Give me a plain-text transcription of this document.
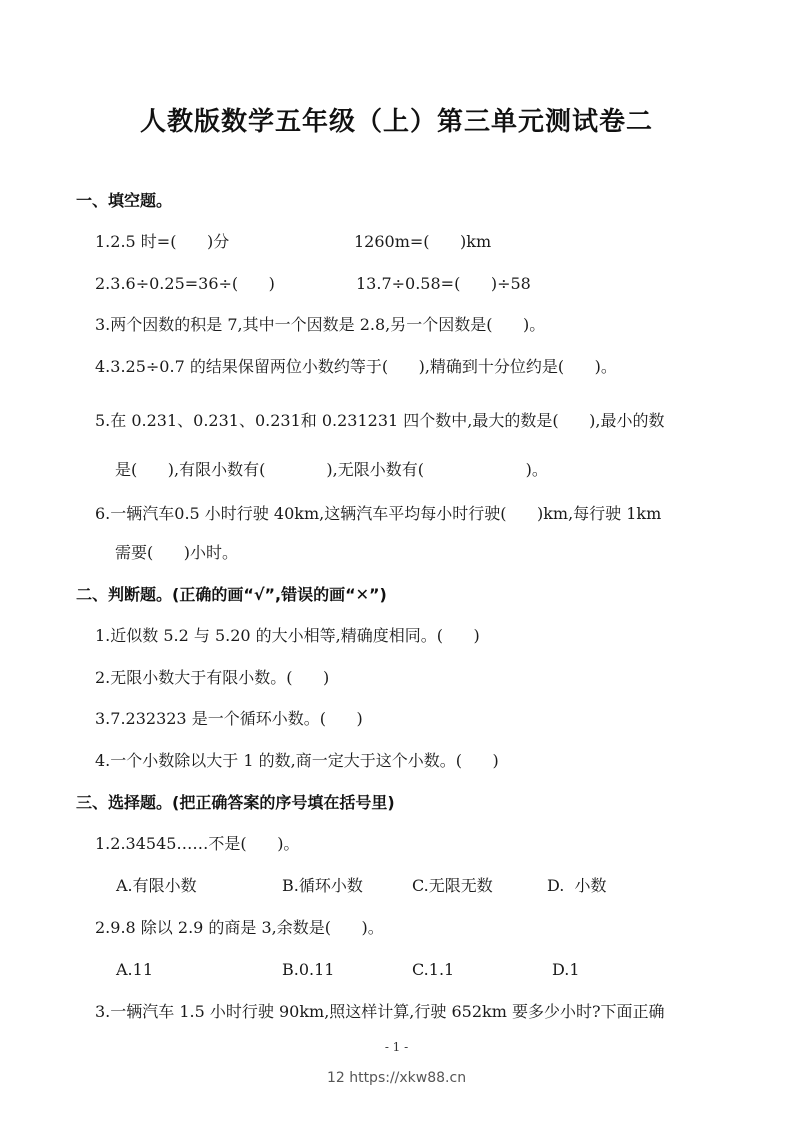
人教版数学五年级（上）第三单元测试卷二
一、填空题。
1.2.5 时=(      )分	1260m=(      )km
2.3.6÷0.25=36÷(      )	13.7÷0.58=(      )÷58
3.两个因数的积是 7,其中一个因数是 2.8,另一个因数是(      )。
4.3.25÷0.7 的结果保留两位小数约等于(      ),精确到十分位约是(      )。
5.在 0.231、0.231、0.231和 0.231231 四个数中,最大的数是(      ),最小的数
是(      ),有限小数有(            ),无限小数有(                    )。
6.一辆汽车0.5 小时行驶 40km,这辆汽车平均每小时行驶(      )km,每行驶 1km
需要(      )小时。
二、判断题。(正确的画“√”,错误的画“✕”)
1.近似数 5.2 与 5.20 的大小相等,精确度相同。(      )
2.无限小数大于有限小数。(      )
3.7.232323 是一个循环小数。(      )
4.一个小数除以大于 1 的数,商一定大于这个小数。(      )
三、选择题。(把正确答案的序号填在括号里)
1.2.34545……不是(      )。
A.有限小数	B.循环小数	C.无限无数	D.  小数
2.9.8 除以 2.9 的商是 3,余数是(      )。
A.11	B.0.11	C.1.1	D.1
3.一辆汽车 1.5 小时行驶 90km,照这样计算,行驶 652km 要多少小时?下面正确
- 1 -
12 https://xkw88.cn
